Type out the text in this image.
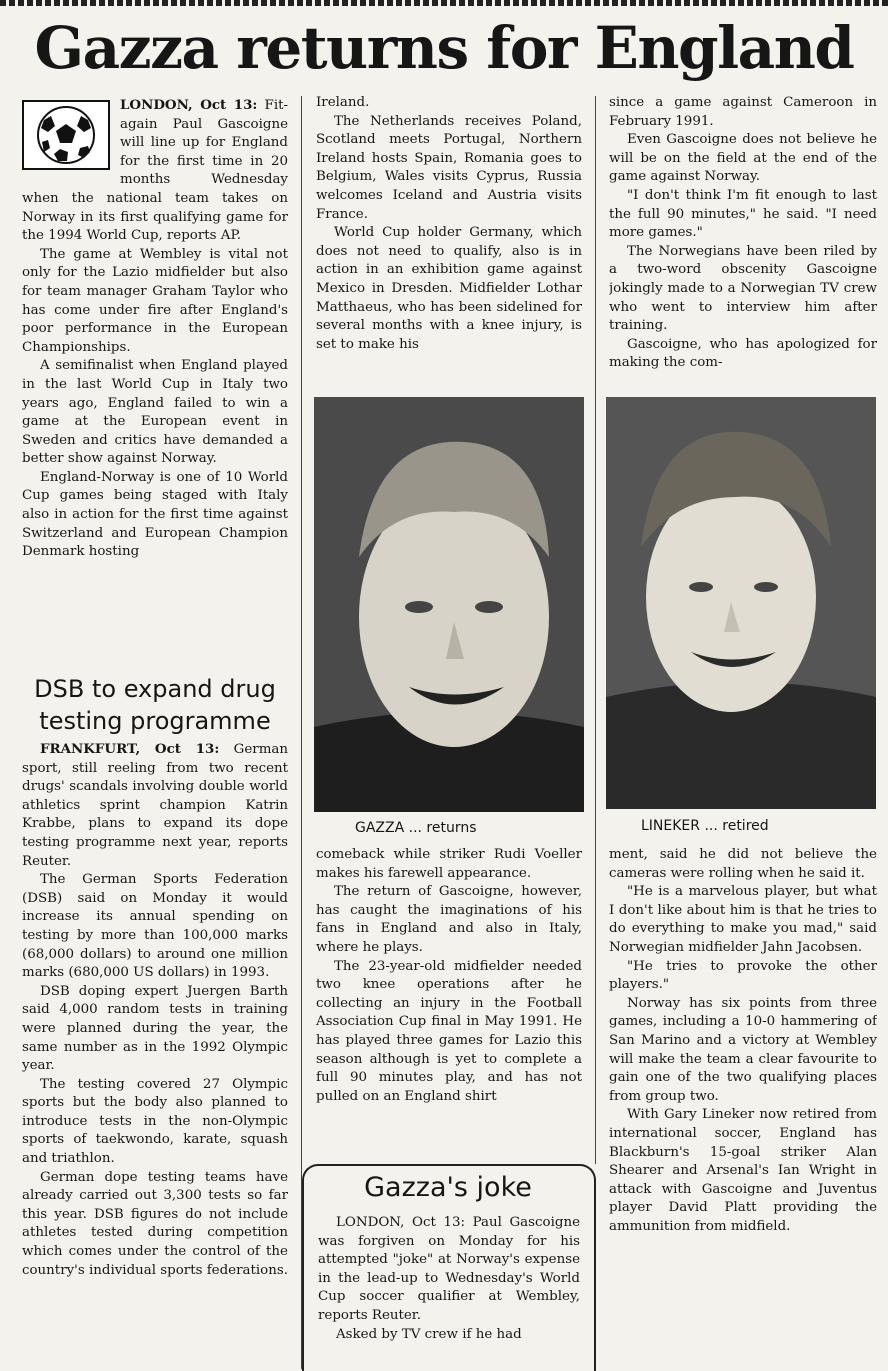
Gazza returns for England

LONDON, Oct 13: Fit-again Paul Gascoigne will line up for England for the first time in 20 months Wednesday when the national team takes on Norway in its first qualifying game for the 1994 World Cup, reports AP.

The game at Wembley is vital not only for the Lazio midfielder but also for team manager Graham Taylor who has come under fire after England's poor performance in the European Championships.

A semifinalist when England played in the last World Cup in Italy two years ago, England failed to win a game at the European event in Sweden and critics have demanded a better show against Norway.

England-Norway is one of 10 World Cup games being staged with Italy also in action for the first time against Switzerland and European Champion Denmark hosting

DSB to expand drug
testing programme

FRANKFURT, Oct 13: German sport, still reeling from two recent drugs' scandals involving double world athletics sprint champion Katrin Krabbe, plans to expand its dope testing programme next year, reports Reuter.

The German Sports Federation (DSB) said on Monday it would increase its annual spending on testing by more than 100,000 marks (68,000 dollars) to around one million marks (680,000 US dollars) in 1993.

DSB doping expert Juergen Barth said 4,000 random tests in training were planned during the year, the same number as in the 1992 Olympic year.

The testing covered 27 Olympic sports but the body also planned to introduce tests in the non-Olympic sports of taekwondo, karate, squash and triathlon.

German dope testing teams have already carried out 3,300 tests so far this year. DSB figures do not include athletes tested during competition which comes under the control of the country's individual sports federations.

Ireland.

The Netherlands receives Poland, Scotland meets Portugal, Northern Ireland hosts Spain, Romania goes to Belgium, Wales visits Cyprus, Russia welcomes Iceland and Austria visits France.

World Cup holder Germany, which does not need to qualify, also is in action in an exhibition game against Mexico in Dresden. Midfielder Lothar Matthaeus, who has been sidelined for several months with a knee injury, is set to make his

since a game against Cameroon in February 1991.

Even Gascoigne does not believe he will be on the field at the end of the game against Norway.

"I don't think I'm fit enough to last the full 90 minutes," he said. "I need more games."

The Norwegians have been riled by a two-word obscenity Gascoigne jokingly made to a Norwegian TV crew who went to interview him after training.

Gascoigne, who has apologized for making the com-

GAZZA ... returns	LINEKER ... retired

comeback while striker Rudi Voeller makes his farewell appearance.

The return of Gascoigne, however, has caught the imaginations of his fans in England and also in Italy, where he plays.

The 23-year-old midfielder needed two knee operations after he collecting an injury in the Football Association Cup final in May 1991. He has played three games for Lazio this season although is yet to complete a full 90 minutes play, and has not pulled on an England shirt

Gazza's joke

LONDON, Oct 13: Paul Gascoigne was forgiven on Monday for his attempted "joke" at Norway's expense in the lead-up to Wednesday's World Cup soccer qualifier at Wembley, reports Reuter.

Asked by TV crew if he had

ment, said he did not believe the cameras were rolling when he said it.

"He is a marvelous player, but what I don't like about him is that he tries to do everything to make you mad," said Norwegian midfielder Jahn Jacobsen.

"He tries to provoke the other players."

Norway has six points from three games, including a 10-0 hammering of San Marino and a victory at Wembley will make the team a clear favourite to gain one of the two qualifying places from group two.

With Gary Lineker now retired from international soccer, England has Blackburn's 15-goal striker Alan Shearer and Arsenal's Ian Wright in attack with Gascoigne and Juventus player David Platt providing the ammunition from midfield.
